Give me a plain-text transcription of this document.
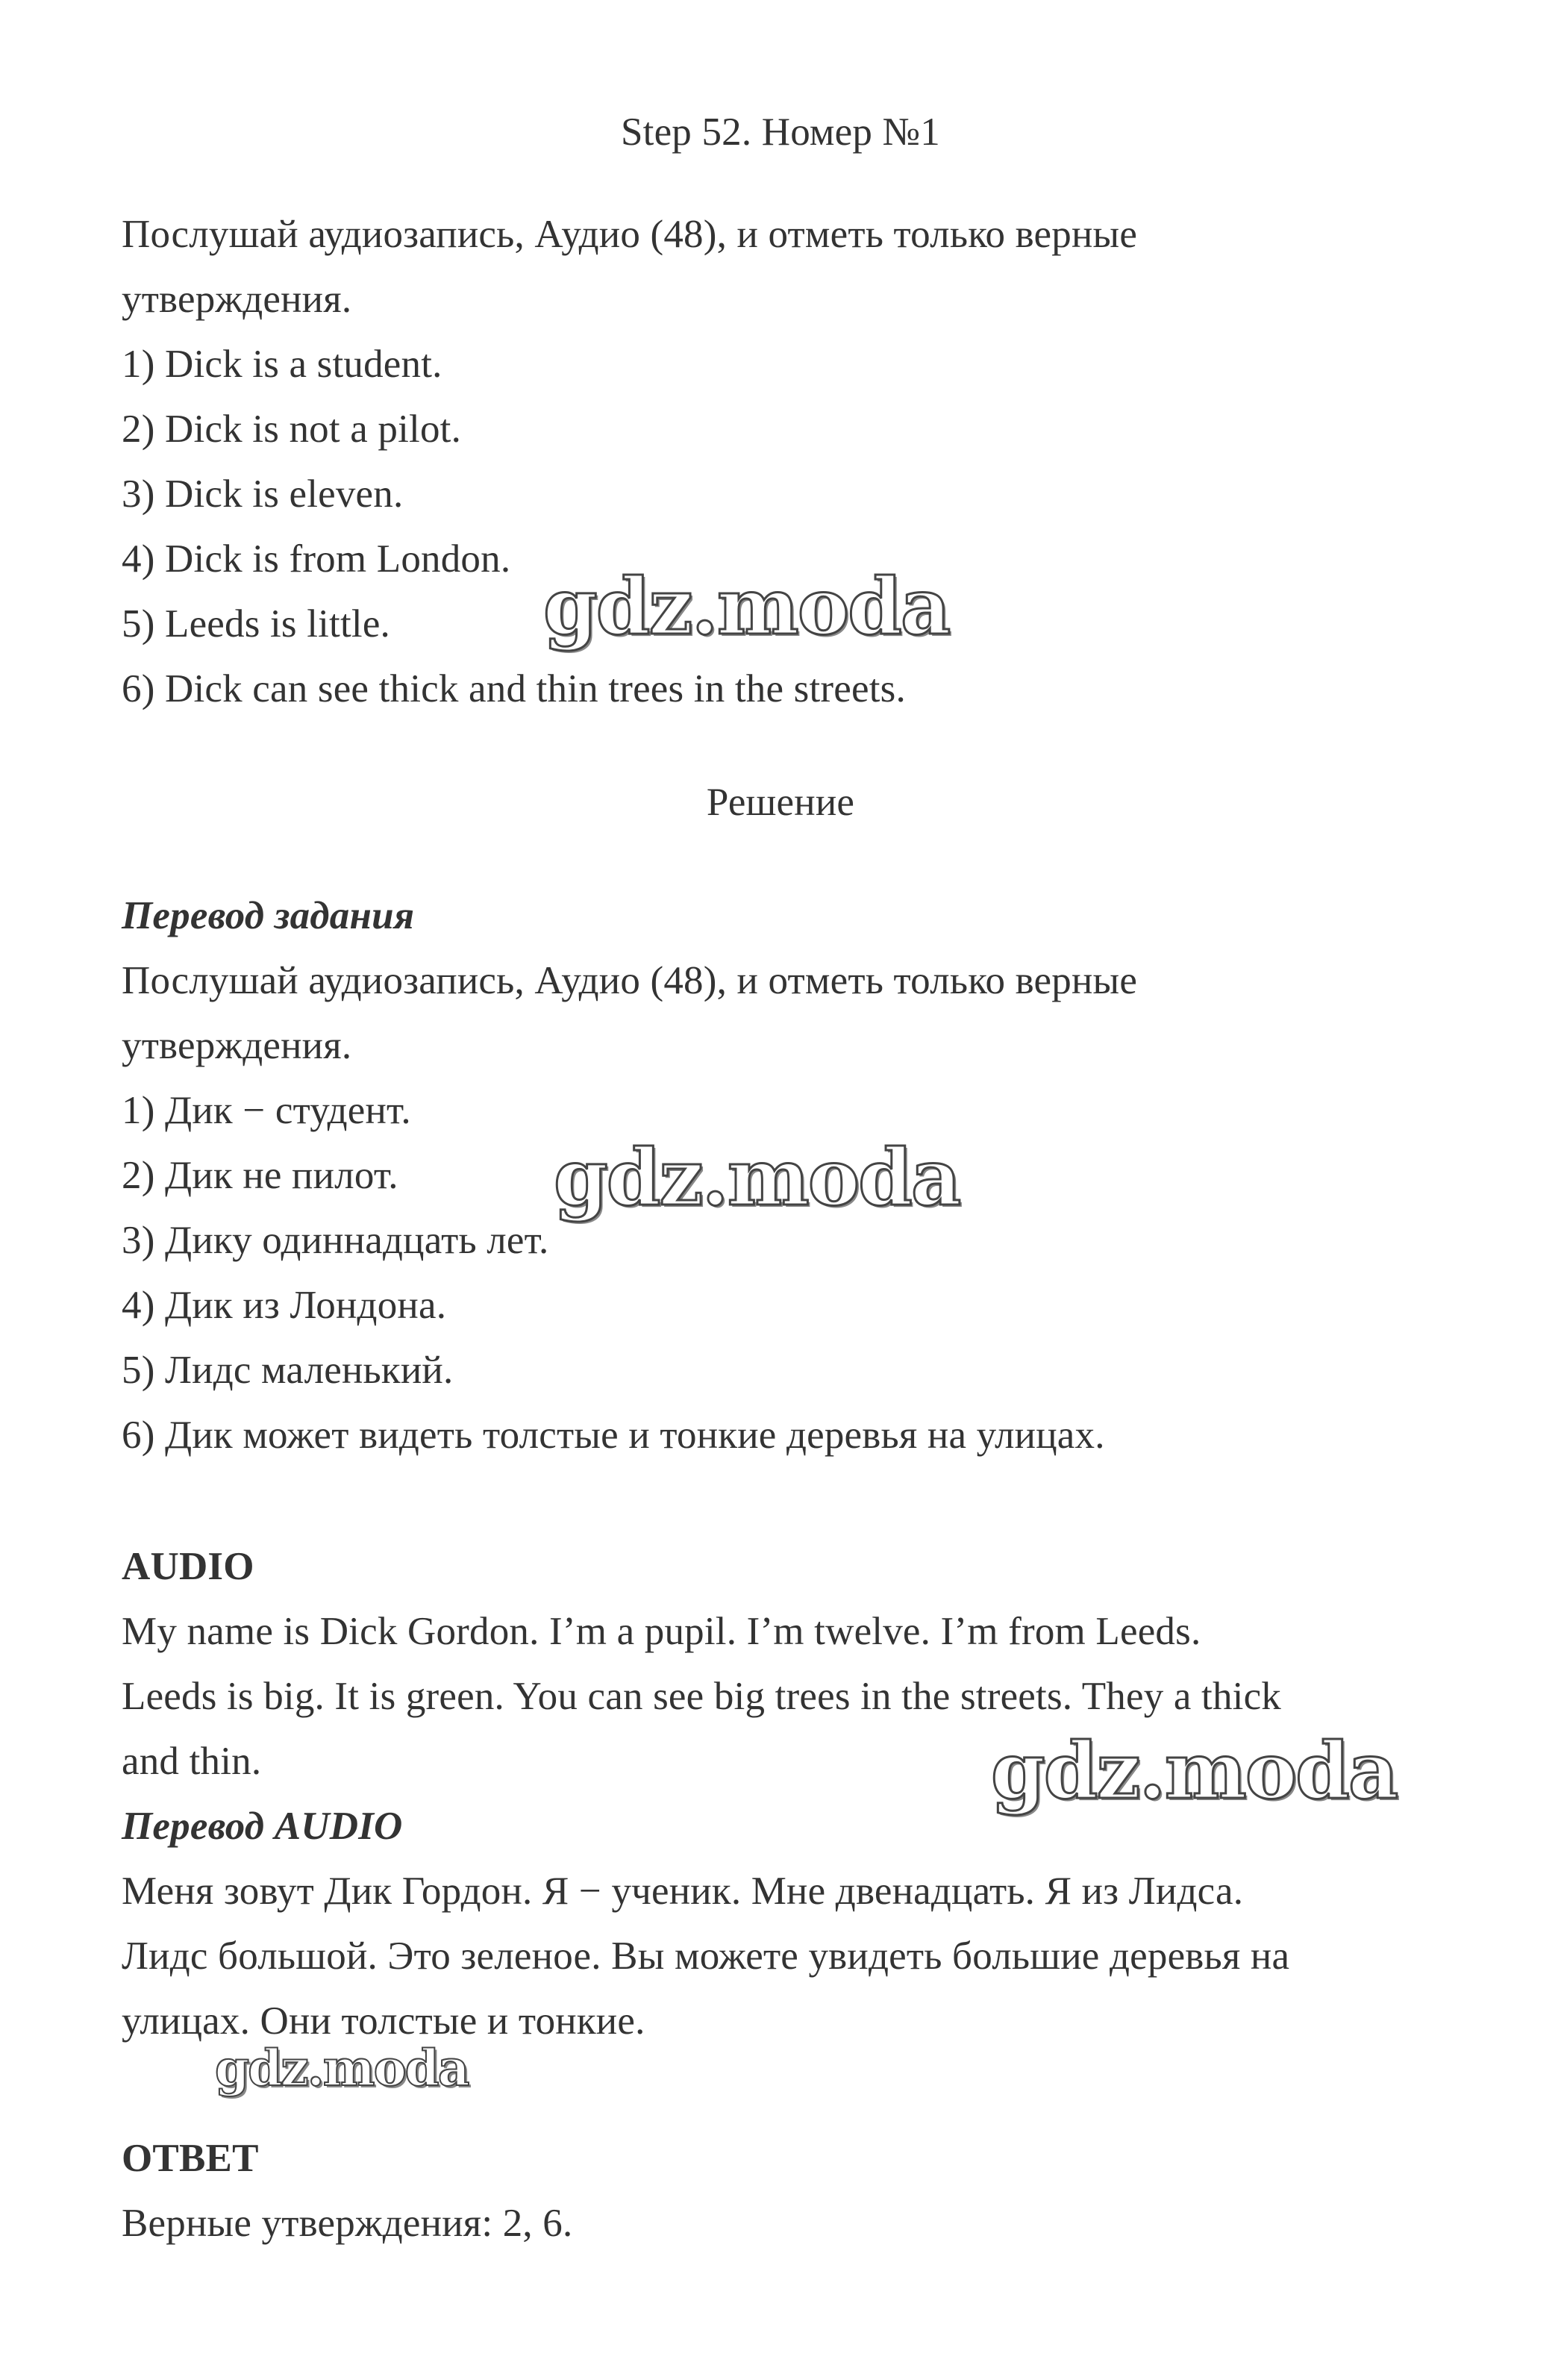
Step 52. Номер №1
Послушай аудиозапись, Аудио (48), и отметь только верные
утверждения.
1) Dick is a student.
2) Dick is not a pilot.
3) Dick is eleven.
4) Dick is from London.
5) Leeds is little.
6) Dick can see thick and thin trees in the streets.
Решение
Перевод задания
Послушай аудиозапись, Аудио (48), и отметь только верные
утверждения.
1) Дик − студент.
2) Дик не пилот.
3) Дику одиннадцать лет.
4) Дик из Лондона.
5) Лидс маленький.
6) Дик может видеть толстые и тонкие деревья на улицах.
AUDIO
My name is Dick Gordon. I’m a pupil. I’m twelve. I’m from Leeds.
Leeds is big. It is green. You can see big trees in the streets. They a thick
and thin.
Перевод AUDIO
Меня зовут Дик Гордон. Я − ученик. Мне двенадцать. Я из Лидса.
Лидс большой. Это зеленое. Вы можете увидеть большие деревья на
улицах. Они толстые и тонкие.
ОТВЕТ
Верные утверждения: 2, 6.
gdz.moda
gdz.moda
gdz.moda
gdz.moda
